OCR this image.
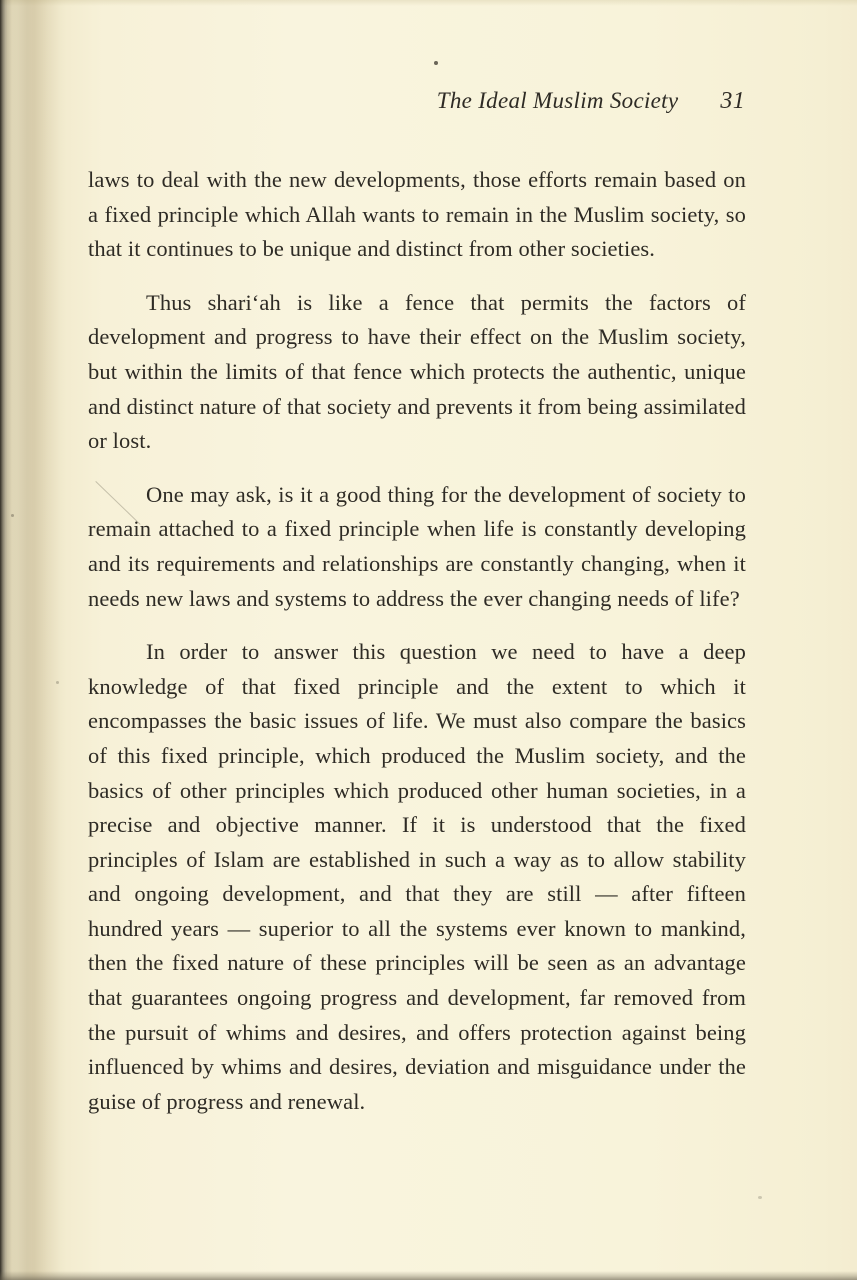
The Ideal Muslim Society 31

laws to deal with the new developments, those efforts remain based on a fixed principle which Allah wants to remain in the Muslim society, so that it continues to be unique and distinct from other societies.

Thus shari‘ah is like a fence that permits the factors of development and progress to have their effect on the Muslim society, but within the limits of that fence which protects the authentic, unique and distinct nature of that society and prevents it from being assimilated or lost.

One may ask, is it a good thing for the development of society to remain attached to a fixed principle when life is constantly developing and its requirements and relationships are constantly changing, when it needs new laws and systems to address the ever changing needs of life?

In order to answer this question we need to have a deep knowledge of that fixed principle and the extent to which it encompasses the basic issues of life. We must also compare the basics of this fixed principle, which produced the Muslim society, and the basics of other principles which produced other human societies, in a precise and objective manner. If it is understood that the fixed principles of Islam are established in such a way as to allow stability and ongoing development, and that they are still — after fifteen hundred years — superior to all the systems ever known to mankind, then the fixed nature of these principles will be seen as an advantage that guarantees ongoing progress and development, far removed from the pursuit of whims and desires, and offers protection against being influenced by whims and desires, deviation and misguidance under the guise of progress and renewal.
